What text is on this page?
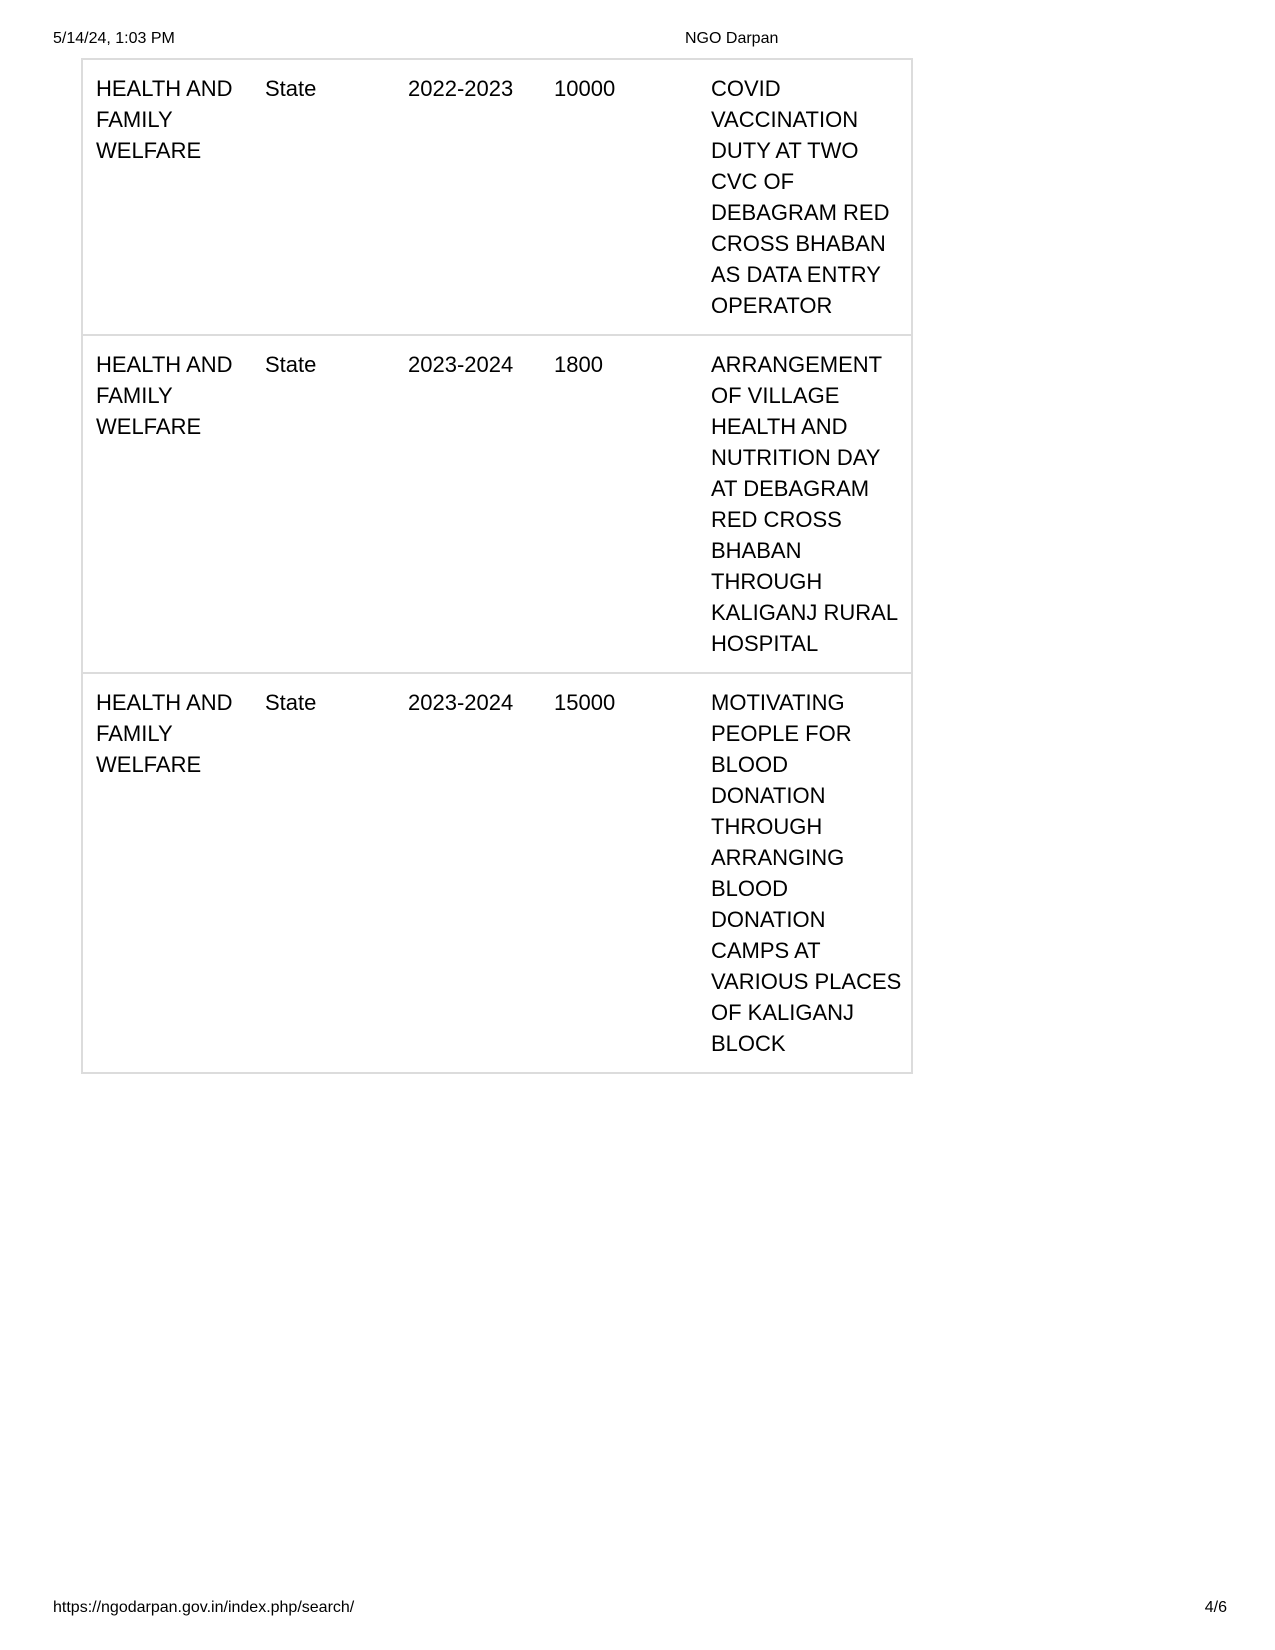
5/14/24, 1:03 PM	NGO Darpan
HEALTH AND FAMILY WELFARE	State	2022-2023	10000	COVID VACCINATION DUTY AT TWO CVC OF DEBAGRAM RED CROSS BHABAN AS DATA ENTRY OPERATOR
HEALTH AND FAMILY WELFARE	State	2023-2024	1800	ARRANGEMENT OF VILLAGE HEALTH AND NUTRITION DAY AT DEBAGRAM RED CROSS BHABAN THROUGH KALIGANJ RURAL HOSPITAL
HEALTH AND FAMILY WELFARE	State	2023-2024	15000	MOTIVATING PEOPLE FOR BLOOD DONATION THROUGH ARRANGING BLOOD DONATION CAMPS AT VARIOUS PLACES OF KALIGANJ BLOCK
https://ngodarpan.gov.in/index.php/search/	4/6
